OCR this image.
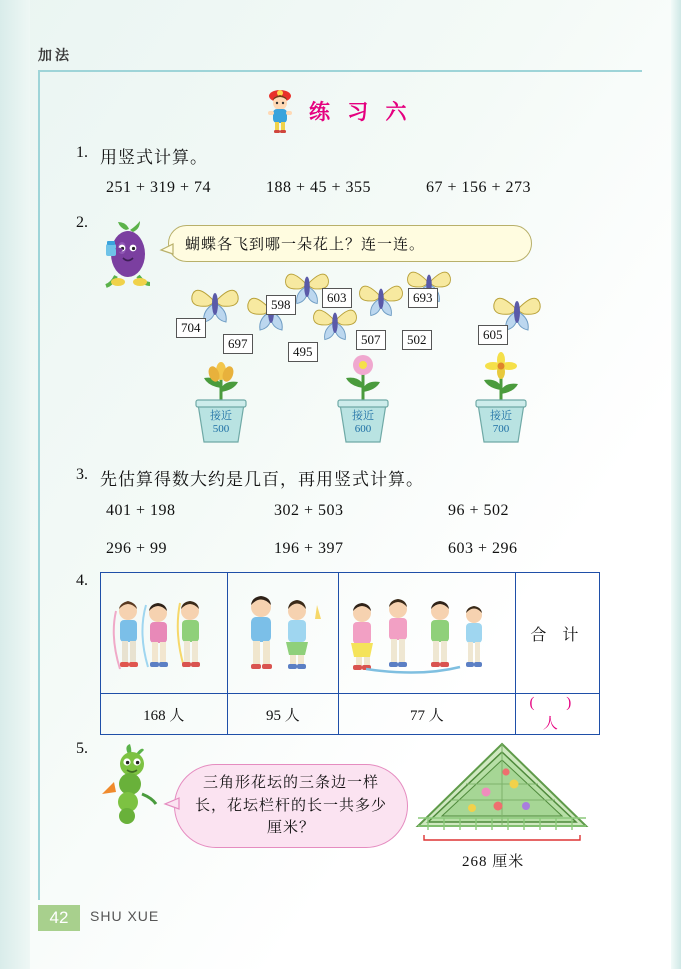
加法
练 习 六
1. 用竖式计算。
251 + 319 + 74	188 + 45 + 355	67 + 156 + 273
2.
蝴蝶各飞到哪一朵花上？连一连。
704
697
598
495
603
507	502
693
605
接近
500
接近
600
接近
700
3. 先估算得数大约是几百，再用竖式计算。
401 + 198	302 + 503	96 + 502
296 + 99	196 + 397	603 + 296
4.

	合 计
168 人	95 人	77 人	( ) 人
5.
三角形花坛的三条边一样长，花坛栏杆的长一共多少厘米？
268 厘米
42	SHU XUE
